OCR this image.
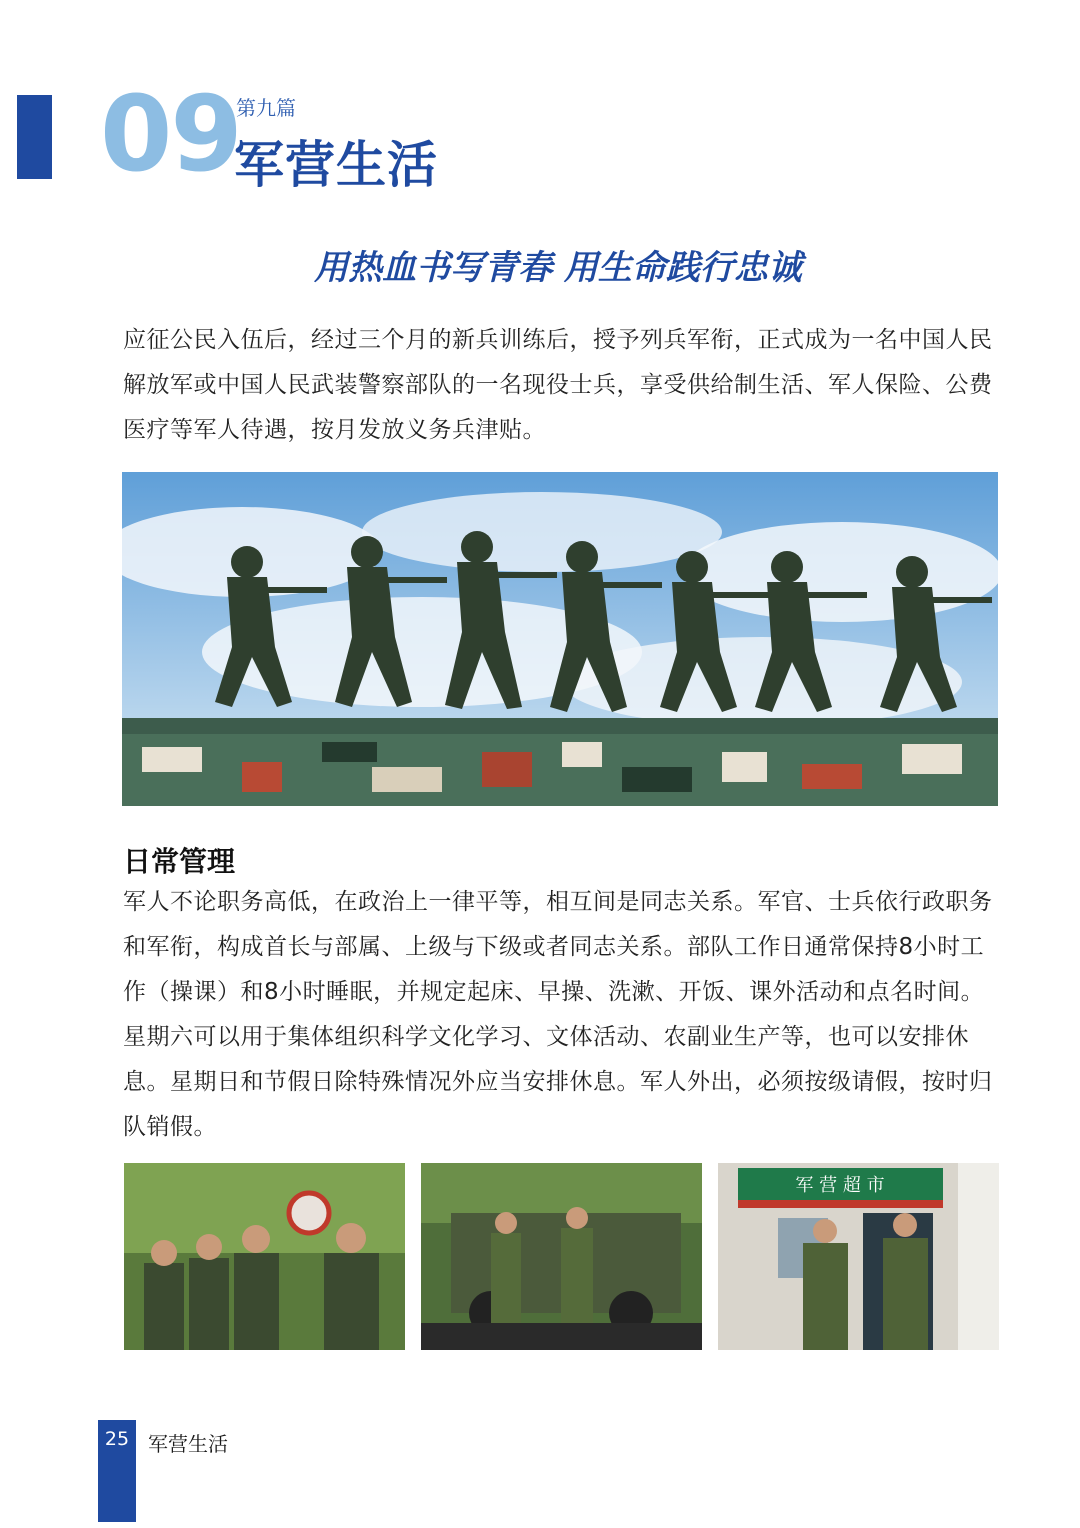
09
第九篇
军营生活
用热血书写青春 用生命践行忠诚
应征公民入伍后，经过三个月的新兵训练后，授予列兵军衔，正式成为一名中国人民解放军或中国人民武装警察部队的一名现役士兵，享受供给制生活、军人保险、公费医疗等军人待遇，按月发放义务兵津贴。
日常管理
军人不论职务高低，在政治上一律平等，相互间是同志关系。军官、士兵依行政职务和军衔，构成首长与部属、上级与下级或者同志关系。部队工作日通常保持8小时工作（操课）和8小时睡眠，并规定起床、早操、洗漱、开饭、课外活动和点名时间。星期六可以用于集体组织科学文化学习、文体活动、农副业生产等，也可以安排休息。星期日和节假日除特殊情况外应当安排休息。军人外出，必须按级请假，按时归队销假。
军 营 超 市
25 军营生活
